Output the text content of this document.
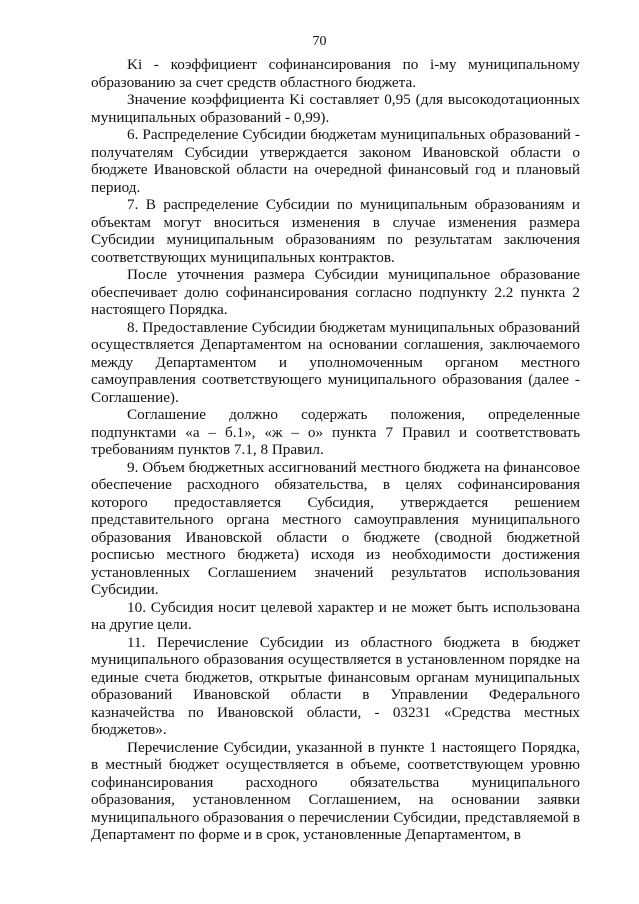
70

Ki - коэффициент софинансирования по i-му муниципальному образованию за счет средств областного бюджета.

Значение коэффициента Ki составляет 0,95 (для высокодотационных муниципальных образований - 0,99).

6. Распределение Субсидии бюджетам муниципальных образований - получателям Субсидии утверждается законом Ивановской области о бюджете Ивановской области на очередной финансовый год и плановый период.

7. В распределение Субсидии по муниципальным образованиям и объектам могут вноситься изменения в случае изменения размера Субсидии муниципальным образованиям по результатам заключения соответствующих муниципальных контрактов.

После уточнения размера Субсидии муниципальное образование обеспечивает долю софинансирования согласно подпункту 2.2 пункта 2 настоящего Порядка.

8. Предоставление Субсидии бюджетам муниципальных образований осуществляется Департаментом на основании соглашения, заключаемого между Департаментом и уполномоченным органом местного самоуправления соответствующего муниципального образования (далее - Соглашение).

Соглашение должно содержать положения, определенные подпунктами «а – б.1», «ж – о» пункта 7 Правил и соответствовать требованиям пунктов 7.1, 8 Правил.

9. Объем бюджетных ассигнований местного бюджета на финансовое обеспечение расходного обязательства, в целях софинансирования которого предоставляется Субсидия, утверждается решением представительного органа местного самоуправления муниципального образования Ивановской области о бюджете (сводной бюджетной росписью местного бюджета) исходя из необходимости достижения установленных Соглашением значений результатов использования Субсидии.

10. Субсидия носит целевой характер и не может быть использована на другие цели.

11. Перечисление Субсидии из областного бюджета в бюджет муниципального образования осуществляется в установленном порядке на единые счета бюджетов, открытые финансовым органам муниципальных образований Ивановской области в Управлении Федерального казначейства по Ивановской области, - 03231 «Средства местных бюджетов».

Перечисление Субсидии, указанной в пункте 1 настоящего Порядка, в местный бюджет осуществляется в объеме, соответствующем уровню софинансирования расходного обязательства муниципального образования, установленном Соглашением, на основании заявки муниципального образования о перечислении Субсидии, представляемой в Департамент по форме и в срок, установленные Департаментом, в
